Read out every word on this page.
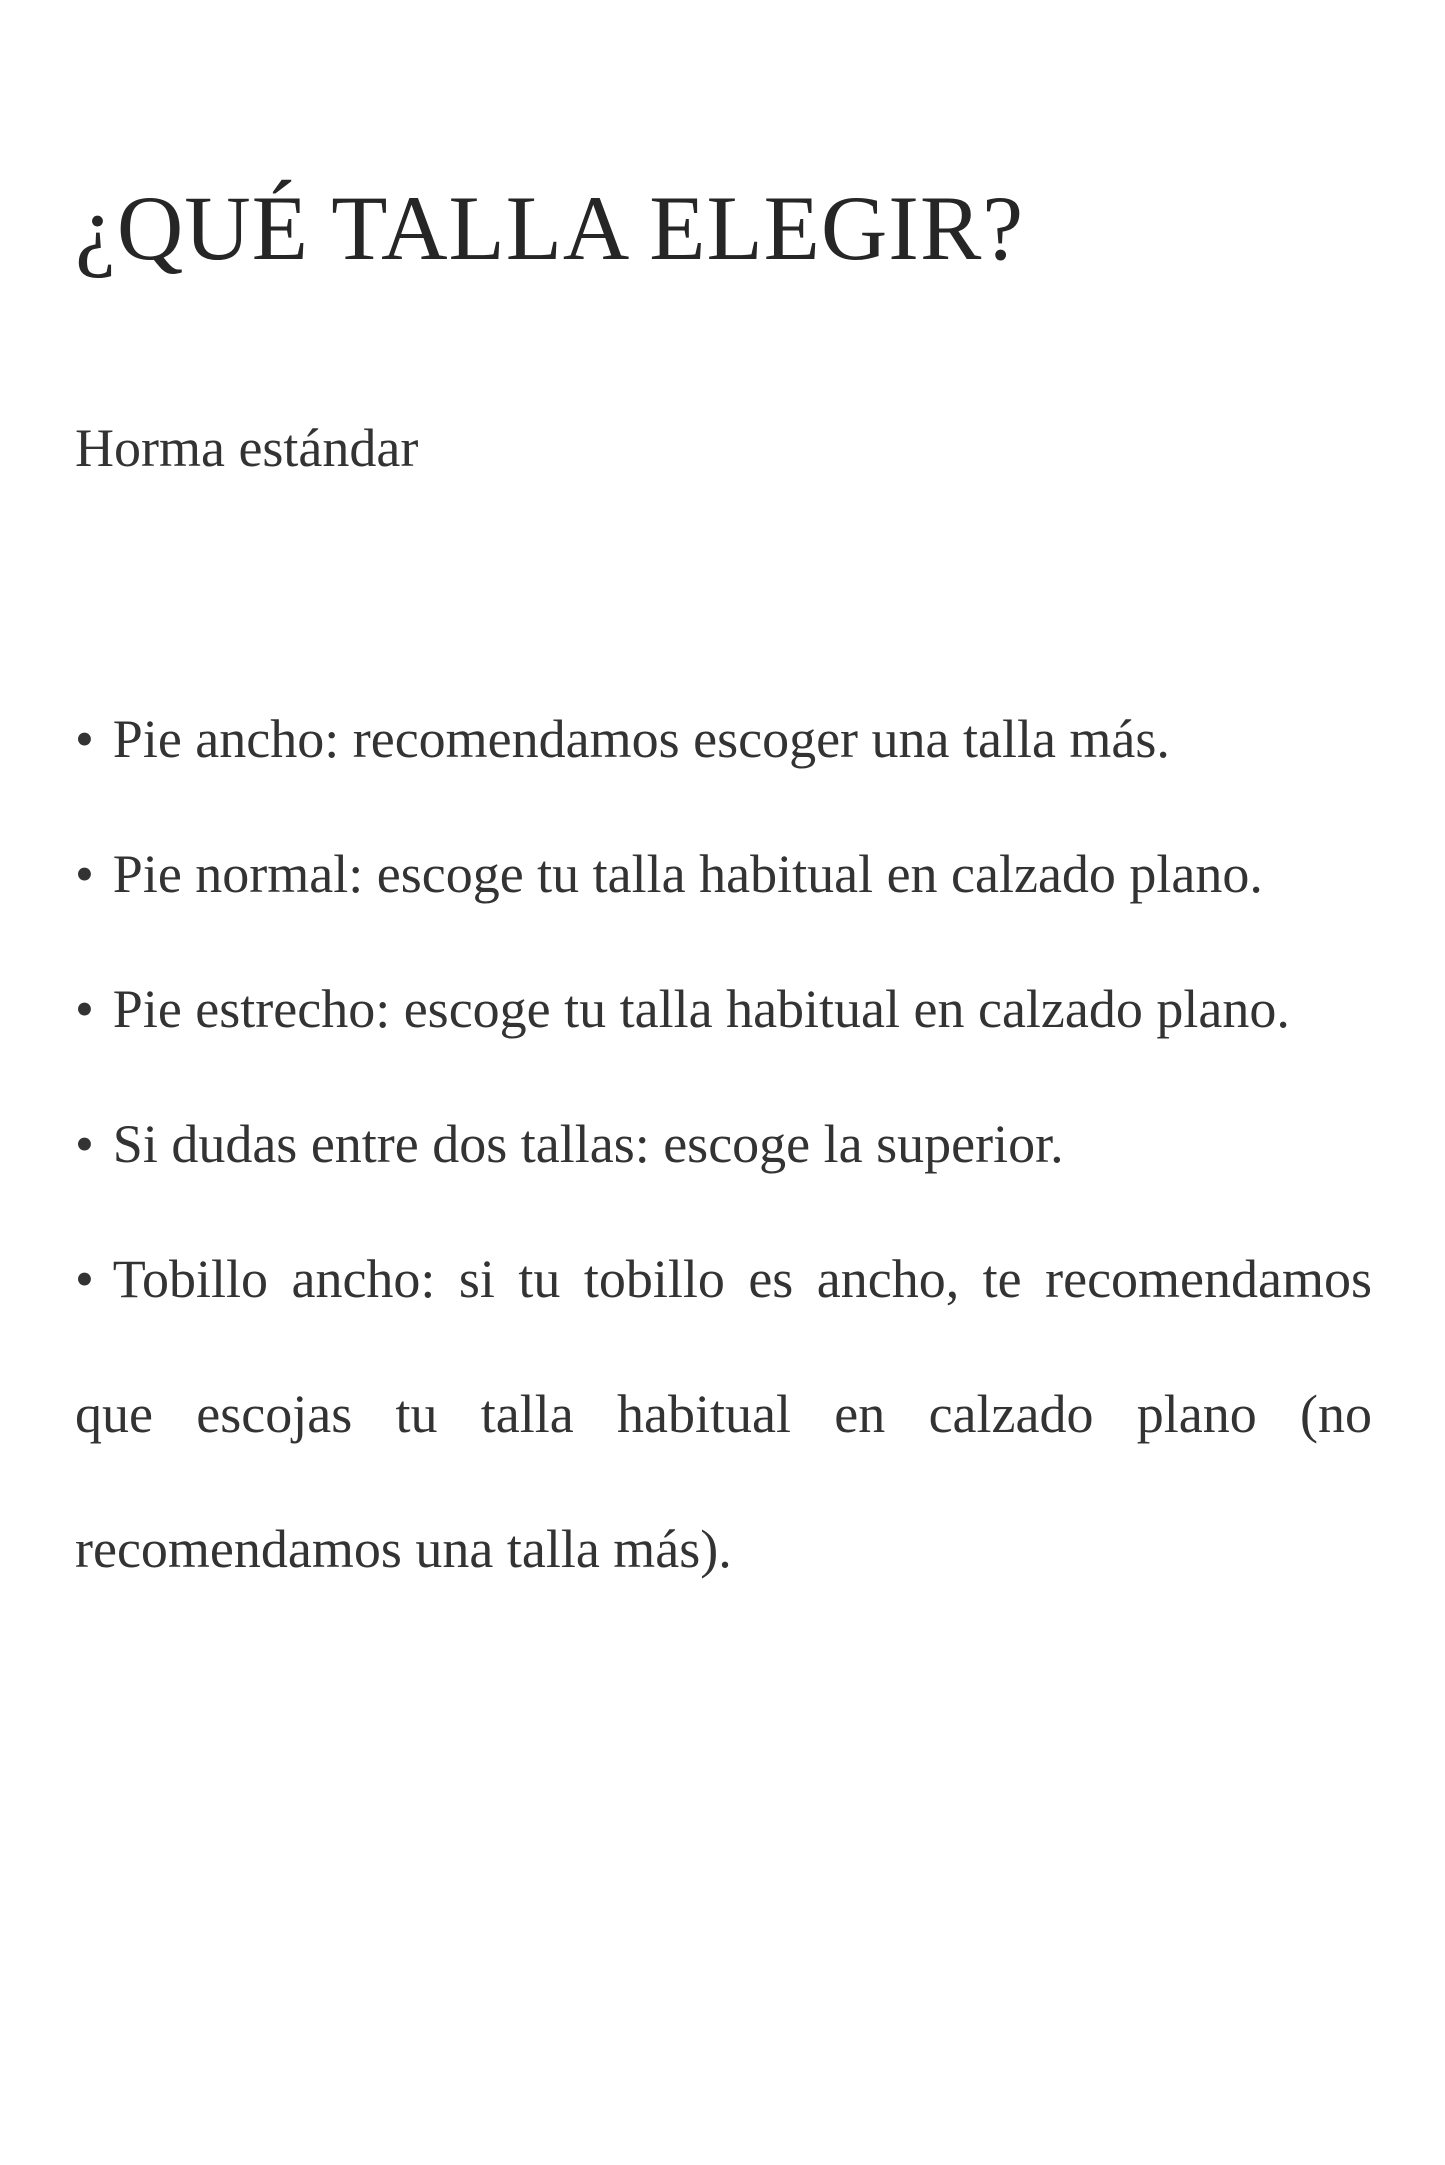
¿QUÉ TALLA ELEGIR?
Horma estándar
• Pie ancho: recomendamos escoger una talla más.
• Pie normal: escoge tu talla habitual en calzado plano.
• Pie estrecho: escoge tu talla habitual en calzado plano.
• Si dudas entre dos tallas: escoge la superior.
• Tobillo ancho: si tu tobillo es ancho, te recomendamos que escojas tu talla habitual en calzado plano (no recomendamos una talla más).
